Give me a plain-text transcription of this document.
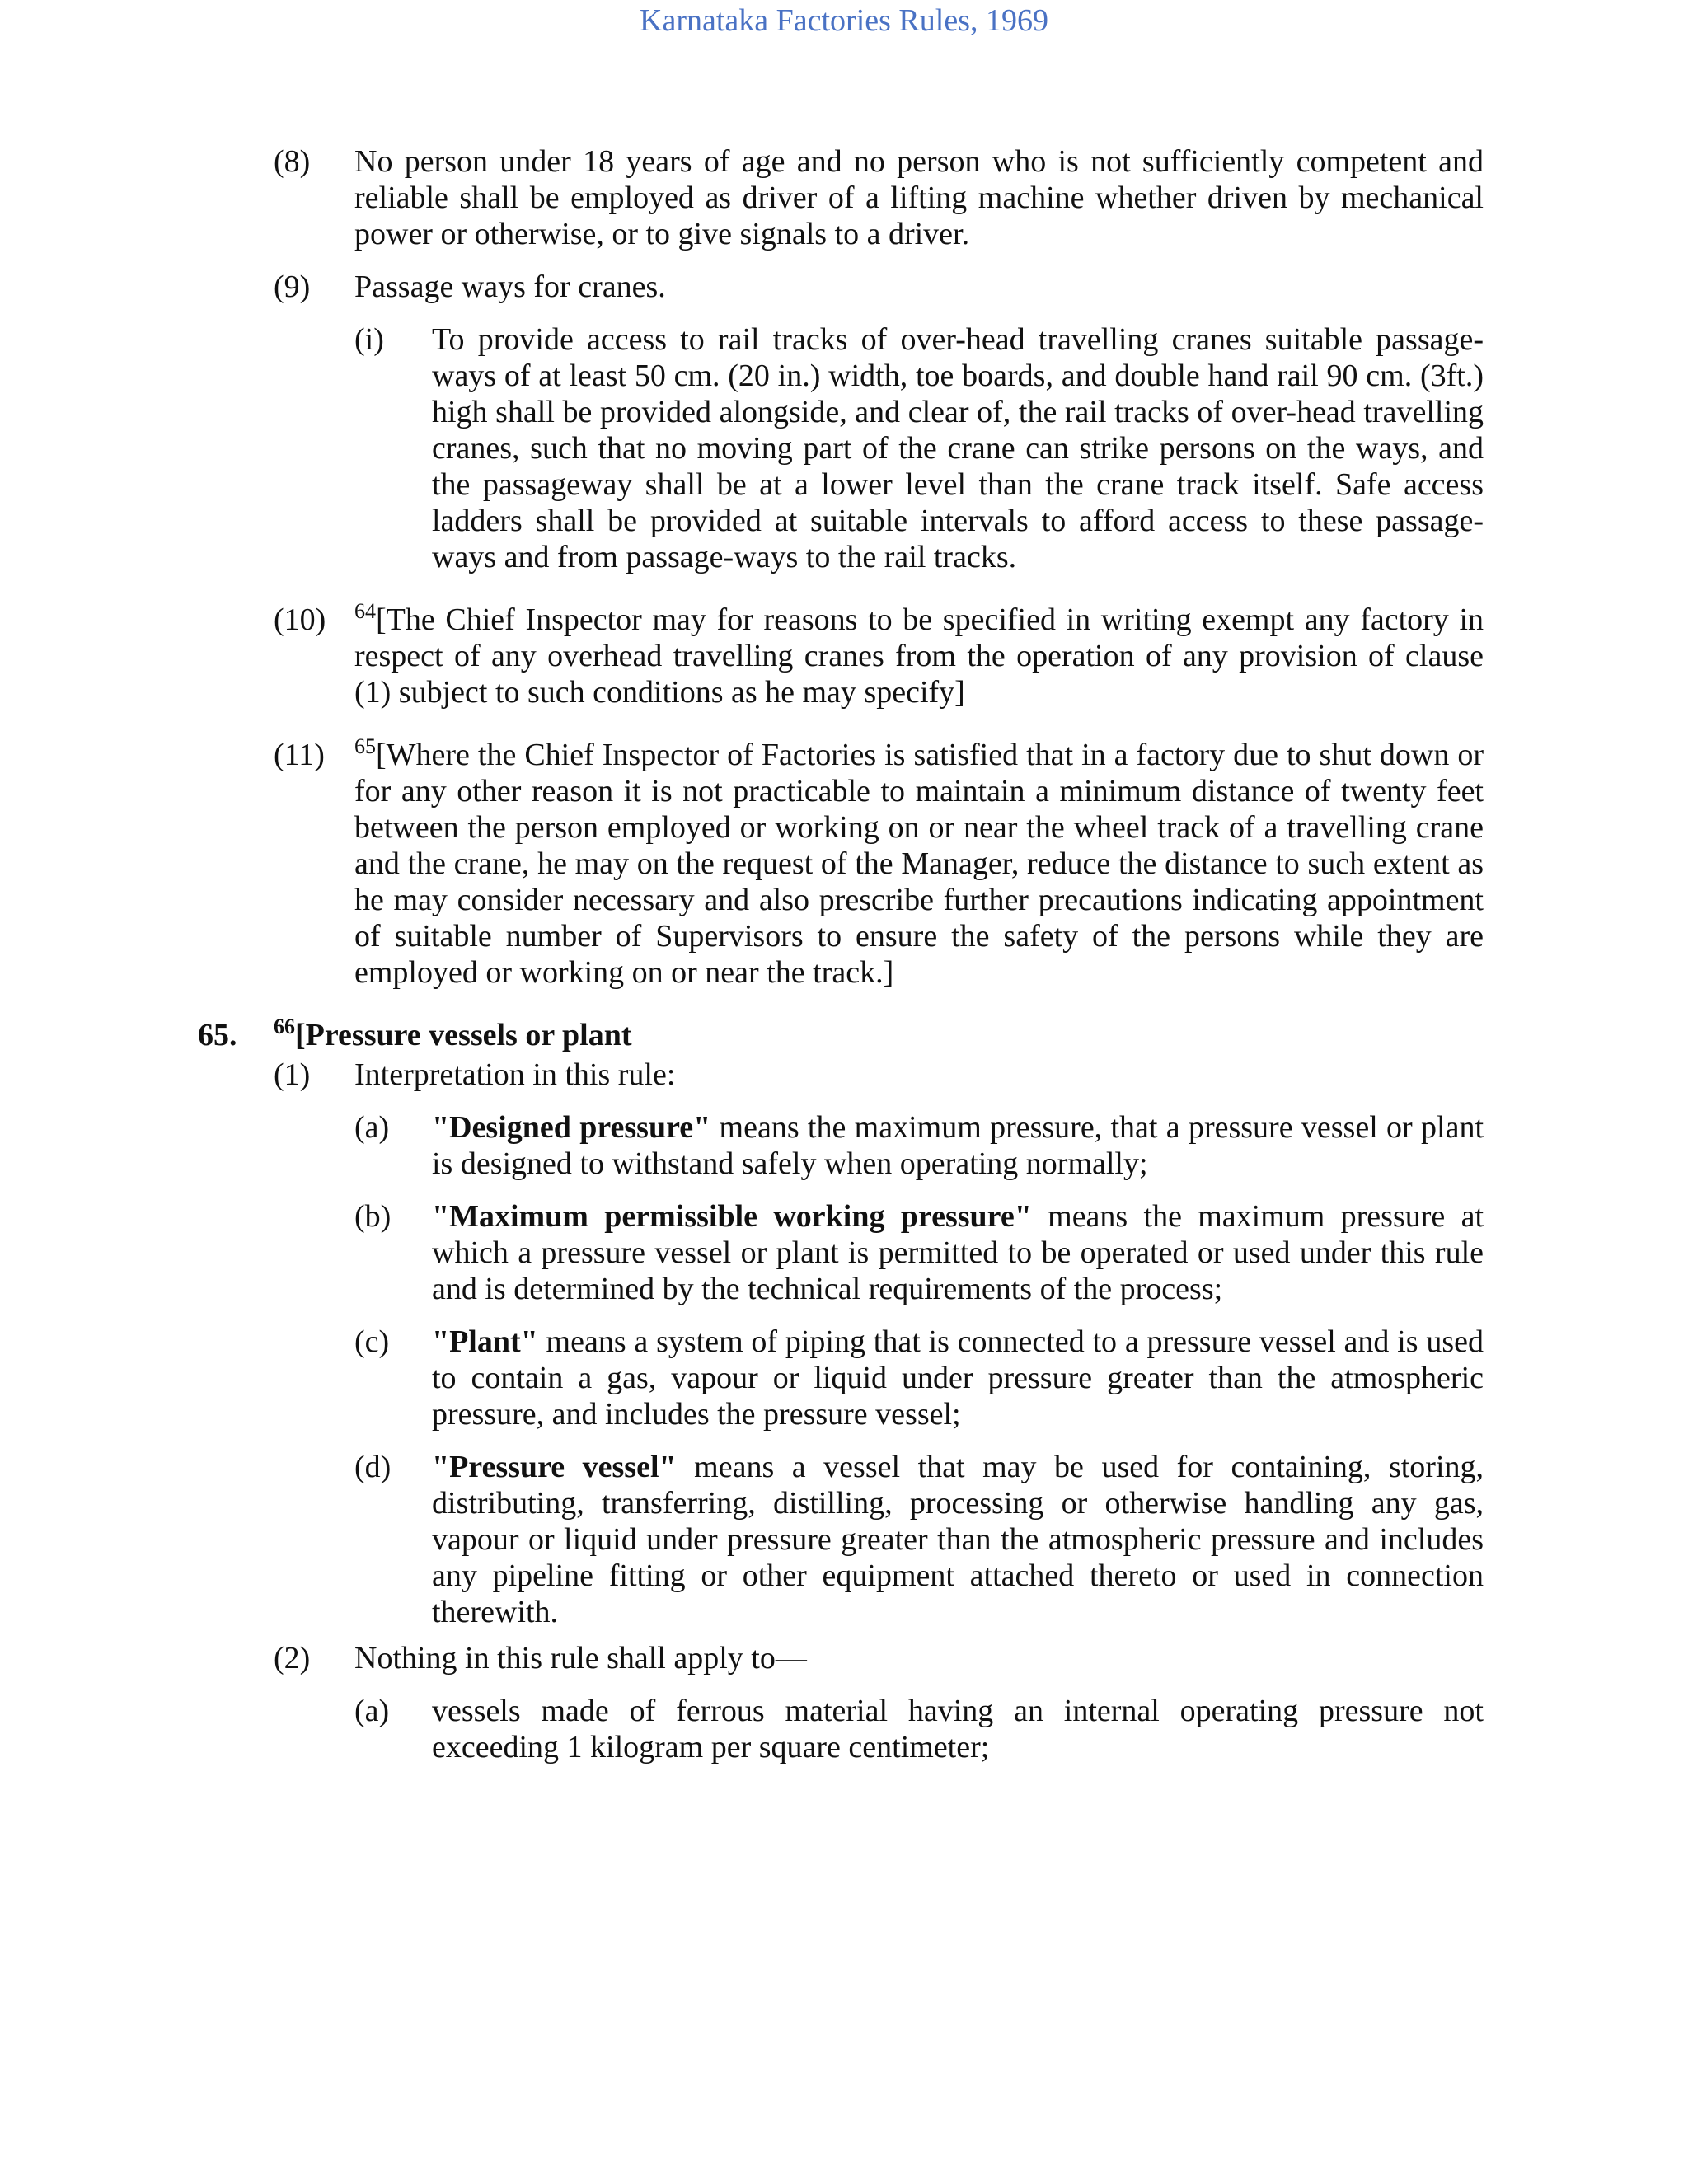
Karnataka Factories Rules, 1969
(8) No person under 18 years of age and no person who is not sufficiently competent and reliable shall be employed as driver of a lifting machine whether driven by mechanical power or otherwise, or to give signals to a driver.
(9) Passage ways for cranes.
(i) To provide access to rail tracks of over-head travelling cranes suitable passage-ways of at least 50 cm. (20 in.) width, toe boards, and double hand rail 90 cm. (3ft.) high shall be provided alongside, and clear of, the rail tracks of over-head travelling cranes, such that no moving part of the crane can strike persons on the ways, and the passageway shall be at a lower level than the crane track itself. Safe access ladders shall be provided at suitable intervals to afford access to these passage-ways and from passage-ways to the rail tracks.
(10) $^{64}$[The Chief Inspector may for reasons to be specified in writing exempt any factory in respect of any overhead travelling cranes from the operation of any provision of clause (1) subject to such conditions as he may specify]
(11) $^{65}$[Where the Chief Inspector of Factories is satisfied that in a factory due to shut down or for any other reason it is not practicable to maintain a minimum distance of twenty feet between the person employed or working on or near the wheel track of a travelling crane and the crane, he may on the request of the Manager, reduce the distance to such extent as he may consider necessary and also prescribe further precautions indicating appointment of suitable number of Supervisors to ensure the safety of the persons while they are employed or working on or near the track.]
65. $^{66}$[Pressure vessels or plant
(1) Interpretation in this rule:
(a) "Designed pressure" means the maximum pressure, that a pressure vessel or plant is designed to withstand safely when operating normally;
(b) "Maximum permissible working pressure" means the maximum pressure at which a pressure vessel or plant is permitted to be operated or used under this rule and is determined by the technical requirements of the process;
(c) "Plant" means a system of piping that is connected to a pressure vessel and is used to contain a gas, vapour or liquid under pressure greater than the atmospheric pressure, and includes the pressure vessel;
(d) "Pressure vessel" means a vessel that may be used for containing, storing, distributing, transferring, distilling, processing or otherwise handling any gas, vapour or liquid under pressure greater than the atmospheric pressure and includes any pipeline fitting or other equipment attached thereto or used in connection therewith.
(2) Nothing in this rule shall apply to—
(a) vessels made of ferrous material having an internal operating pressure not exceeding 1 kilogram per square centimeter;
